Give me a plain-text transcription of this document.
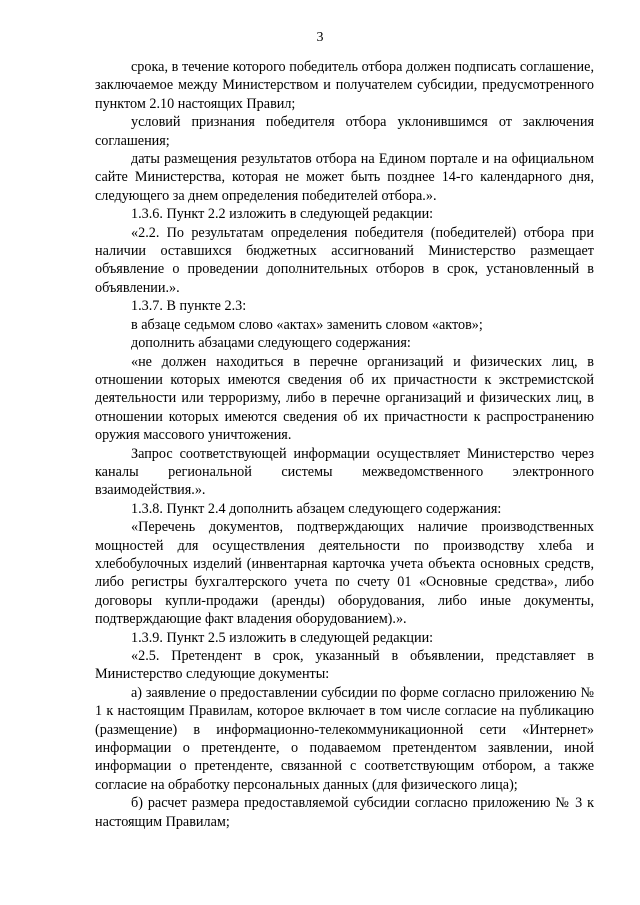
3

срока, в течение которого победитель отбора должен подписать соглашение, заключаемое между Министерством и получателем субсидии, предусмотренного пунктом 2.10 настоящих Правил;

условий признания победителя отбора уклонившимся от заключения соглашения;

даты размещения результатов отбора на Едином портале и на официальном сайте Министерства, которая не может быть позднее 14-го календарного дня, следующего за днем определения победителей отбора.».

1.3.6. Пункт 2.2 изложить в следующей редакции:

«2.2. По результатам определения победителя (победителей) отбора при наличии оставшихся бюджетных ассигнований Министерство размещает объявление о проведении дополнительных отборов в срок, установленный в объявлении.».

1.3.7. В пункте 2.3:

в абзаце седьмом слово «актах» заменить словом «актов»;

дополнить абзацами следующего содержания:

«не должен находиться в перечне организаций и физических лиц, в отношении которых имеются сведения об их причастности к экстремистской деятельности или терроризму, либо в перечне организаций и физических лиц, в отношении которых имеются сведения об их причастности к распространению оружия массового уничтожения.

Запрос соответствующей информации осуществляет Министерство через каналы региональной системы межведомственного электронного взаимодействия.».

1.3.8. Пункт 2.4 дополнить абзацем следующего содержания:

«Перечень документов, подтверждающих наличие производственных мощностей для осуществления деятельности по производству хлеба и хлебобулочных изделий (инвентарная карточка учета объекта основных средств, либо регистры бухгалтерского учета по счету 01 «Основные средства», либо договоры купли-продажи (аренды) оборудования, либо иные документы, подтверждающие факт владения оборудованием).».

1.3.9. Пункт 2.5 изложить в следующей редакции:

«2.5. Претендент в срок, указанный в объявлении, представляет в Министерство следующие документы:

а) заявление о предоставлении субсидии по форме согласно приложению № 1 к настоящим Правилам, которое включает в том числе согласие на публикацию (размещение) в информационно-телекоммуникационной сети «Интернет» информации о претенденте, о подаваемом претендентом заявлении, иной информации о претенденте, связанной с соответствующим отбором, а также согласие на обработку персональных данных (для физического лица);

б) расчет размера предоставляемой субсидии согласно приложению № 3 к настоящим Правилам;
